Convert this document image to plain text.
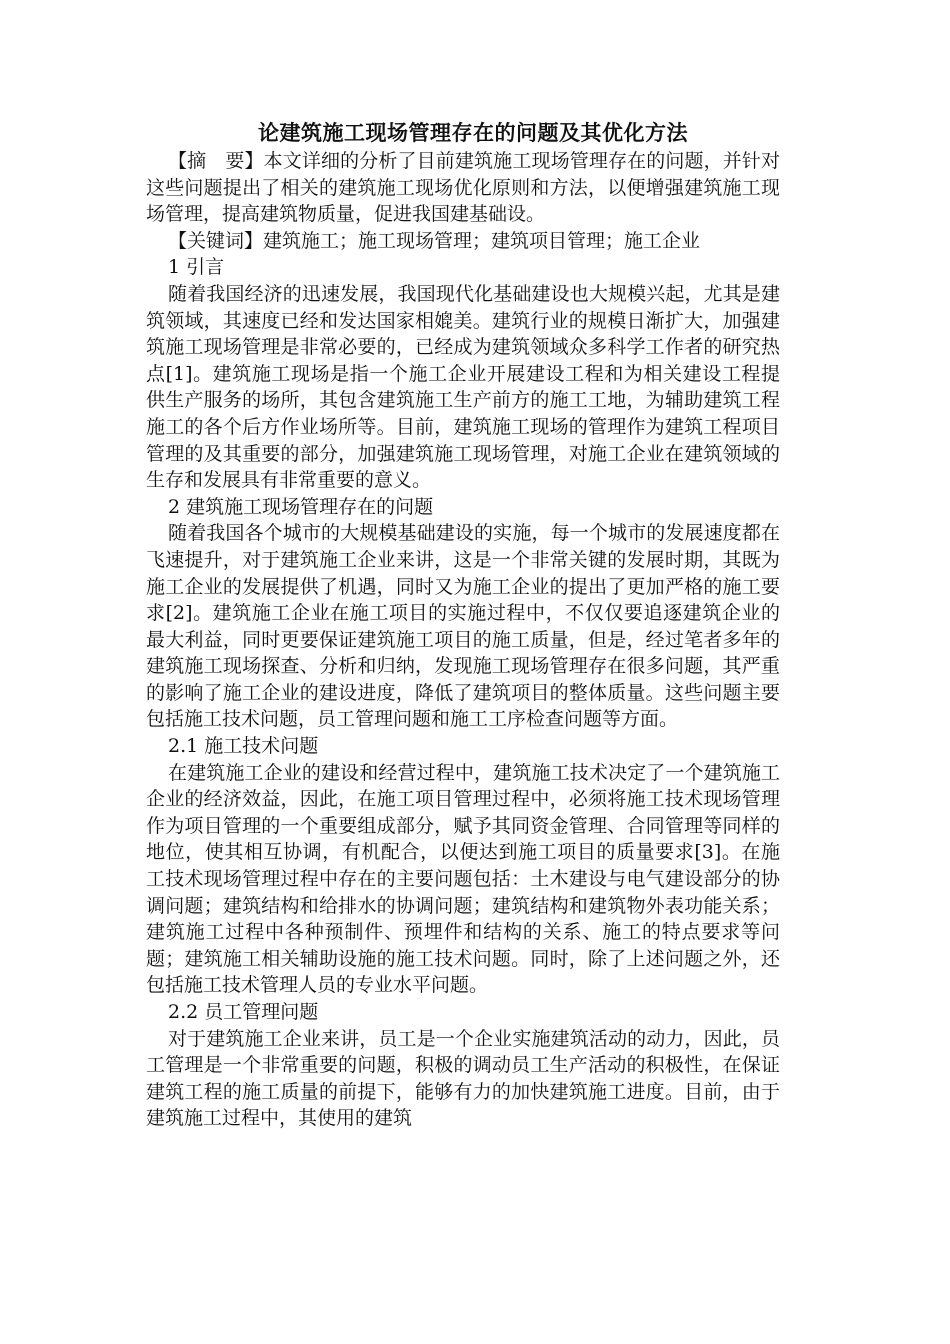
论建筑施工现场管理存在的问题及其优化方法

【摘　要】本文详细的分析了目前建筑施工现场管理存在的问题，并针对这些问题提出了相关的建筑施工现场优化原则和方法，以便增强建筑施工现场管理，提高建筑物质量，促进我国建基础设。

【关键词】建筑施工；施工现场管理；建筑项目管理；施工企业

1 引言

随着我国经济的迅速发展，我国现代化基础建设也大规模兴起，尤其是建筑领域，其速度已经和发达国家相媲美。建筑行业的规模日渐扩大，加强建筑施工现场管理是非常必要的，已经成为建筑领域众多科学工作者的研究热点[1]。建筑施工现场是指一个施工企业开展建设工程和为相关建设工程提供生产服务的场所，其包含建筑施工生产前方的施工工地，为辅助建筑工程施工的各个后方作业场所等。目前，建筑施工现场的管理作为建筑工程项目管理的及其重要的部分，加强建筑施工现场管理，对施工企业在建筑领域的生存和发展具有非常重要的意义。

2 建筑施工现场管理存在的问题

随着我国各个城市的大规模基础建设的实施，每一个城市的发展速度都在飞速提升，对于建筑施工企业来讲，这是一个非常关键的发展时期，其既为施工企业的发展提供了机遇，同时又为施工企业的提出了更加严格的施工要求[2]。建筑施工企业在施工项目的实施过程中，不仅仅要追逐建筑企业的最大利益，同时更要保证建筑施工项目的施工质量，但是，经过笔者多年的建筑施工现场探查、分析和归纳，发现施工现场管理存在很多问题，其严重的影响了施工企业的建设进度，降低了建筑项目的整体质量。这些问题主要包括施工技术问题，员工管理问题和施工工序检查问题等方面。

2.1 施工技术问题

在建筑施工企业的建设和经营过程中，建筑施工技术决定了一个建筑施工企业的经济效益，因此，在施工项目管理过程中，必须将施工技术现场管理作为项目管理的一个重要组成部分，赋予其同资金管理、合同管理等同样的地位，使其相互协调，有机配合，以便达到施工项目的质量要求[3]。在施工技术现场管理过程中存在的主要问题包括：土木建设与电气建设部分的协调问题；建筑结构和给排水的协调问题；建筑结构和建筑物外表功能关系；建筑施工过程中各种预制件、预埋件和结构的关系、施工的特点要求等问题；建筑施工相关辅助设施的施工技术问题。同时，除了上述问题之外，还包括施工技术管理人员的专业水平问题。

2.2 员工管理问题

对于建筑施工企业来讲，员工是一个企业实施建筑活动的动力，因此，员工管理是一个非常重要的问题，积极的调动员工生产活动的积极性，在保证建筑工程的施工质量的前提下，能够有力的加快建筑施工进度。目前，由于建筑施工过程中，其使用的建筑
